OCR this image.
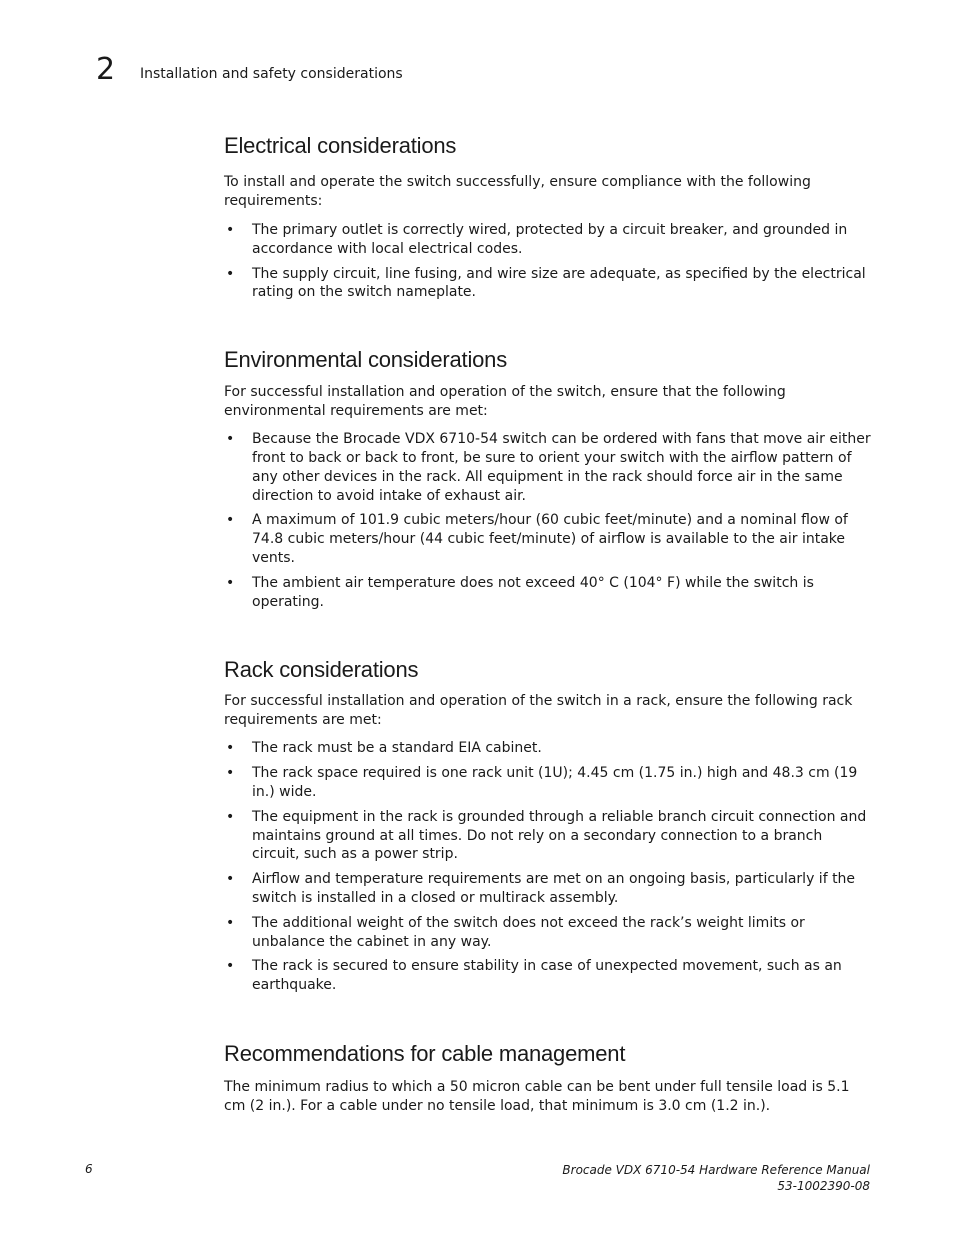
2 Installation and safety considerations
Electrical considerations

To install and operate the switch successfully, ensure compliance with the following requirements:

• The primary outlet is correctly wired, protected by a circuit breaker, and grounded in accordance with local electrical codes.
• The supply circuit, line fusing, and wire size are adequate, as specified by the electrical rating on the switch nameplate.
Environmental considerations

For successful installation and operation of the switch, ensure that the following environmental requirements are met:

• Because the Brocade VDX 6710-54 switch can be ordered with fans that move air either front to back or back to front, be sure to orient your switch with the airflow pattern of any other devices in the rack. All equipment in the rack should force air in the same direction to avoid intake of exhaust air.
• A maximum of 101.9 cubic meters/hour (60 cubic feet/minute) and a nominal flow of 74.8 cubic meters/hour (44 cubic feet/minute) of airflow is available to the air intake vents.
• The ambient air temperature does not exceed 40° C (104° F) while the switch is operating.
Rack considerations

For successful installation and operation of the switch in a rack, ensure the following rack requirements are met:

• The rack must be a standard EIA cabinet.
• The rack space required is one rack unit (1U); 4.45 cm (1.75 in.) high and 48.3 cm (19 in.) wide.
• The equipment in the rack is grounded through a reliable branch circuit connection and maintains ground at all times. Do not rely on a secondary connection to a branch circuit, such as a power strip.
• Airflow and temperature requirements are met on an ongoing basis, particularly if the switch is installed in a closed or multirack assembly.
• The additional weight of the switch does not exceed the rack’s weight limits or unbalance the cabinet in any way.
• The rack is secured to ensure stability in case of unexpected movement, such as an earthquake.
Recommendations for cable management

The minimum radius to which a 50 micron cable can be bent under full tensile load is 5.1 cm (2 in.). For a cable under no tensile load, that minimum is 3.0 cm (1.2 in.).

6	Brocade VDX 6710-54 Hardware Reference Manual
53-1002390-08
